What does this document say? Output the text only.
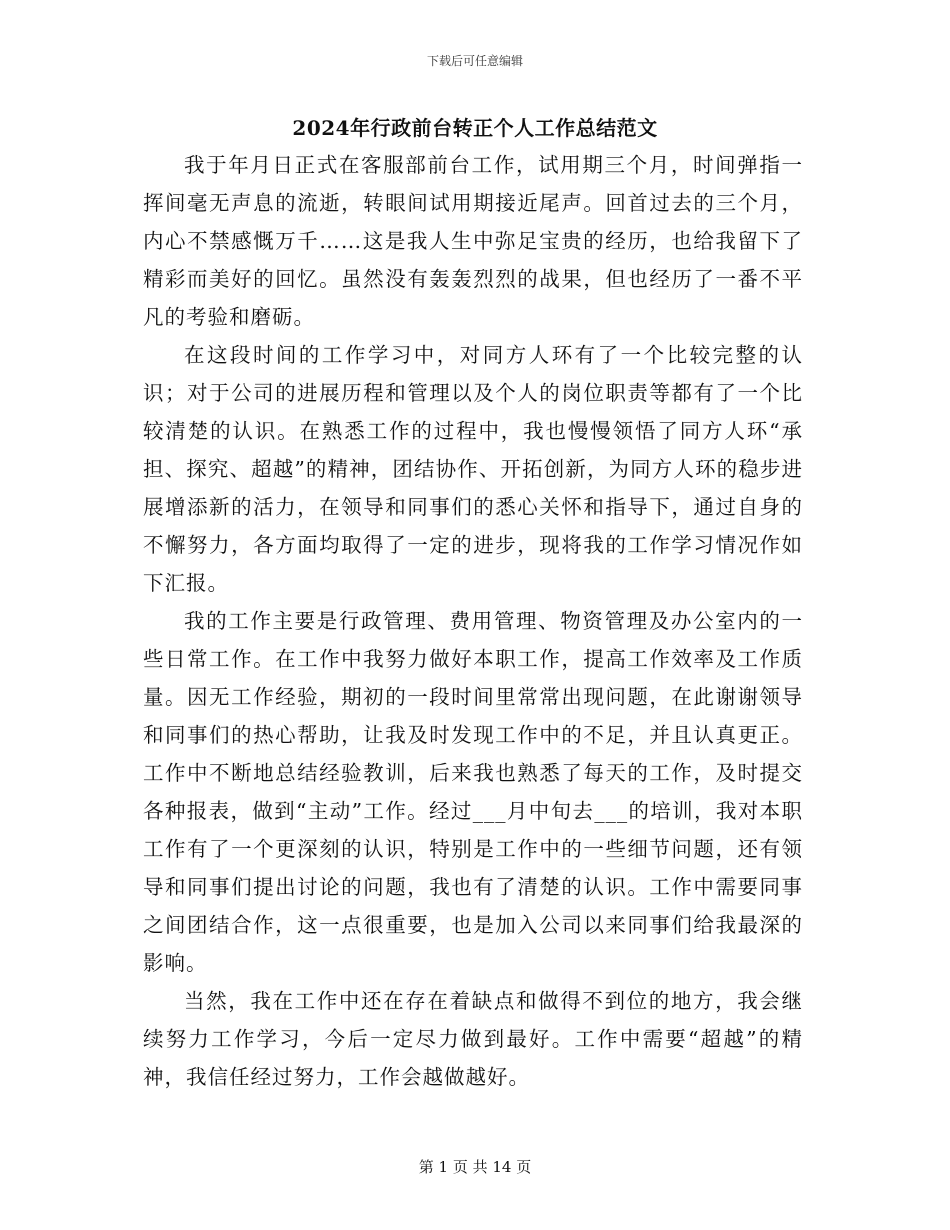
下载后可任意编辑
2024年行政前台转正个人工作总结范文

我于年月日正式在客服部前台工作，试用期三个月，时间弹指一挥间毫无声息的流逝，转眼间试用期接近尾声。回首过去的三个月，内心不禁感慨万千……这是我人生中弥足宝贵的经历，也给我留下了精彩而美好的回忆。虽然没有轰轰烈烈的战果，但也经历了一番不平凡的考验和磨砺。

在这段时间的工作学习中，对同方人环有了一个比较完整的认识；对于公司的进展历程和管理以及个人的岗位职责等都有了一个比较清楚的认识。在熟悉工作的过程中，我也慢慢领悟了同方人环“承担、探究、超越”的精神，团结协作、开拓创新，为同方人环的稳步进展增添新的活力，在领导和同事们的悉心关怀和指导下，通过自身的不懈努力，各方面均取得了一定的进步，现将我的工作学习情况作如下汇报。

我的工作主要是行政管理、费用管理、物资管理及办公室内的一些日常工作。在工作中我努力做好本职工作，提高工作效率及工作质量。因无工作经验，期初的一段时间里常常出现问题，在此谢谢领导和同事们的热心帮助，让我及时发现工作中的不足，并且认真更正。工作中不断地总结经验教训，后来我也熟悉了每天的工作，及时提交各种报表，做到“主动”工作。经过___月中旬去___的培训，我对本职工作有了一个更深刻的认识，特别是工作中的一些细节问题，还有领导和同事们提出讨论的问题，我也有了清楚的认识。工作中需要同事之间团结合作，这一点很重要，也是加入公司以来同事们给我最深的影响。

当然，我在工作中还在存在着缺点和做得不到位的地方，我会继续努力工作学习，今后一定尽力做到最好。工作中需要“超越”的精神，我信任经过努力，工作会越做越好。

第 1 页 共 14 页
